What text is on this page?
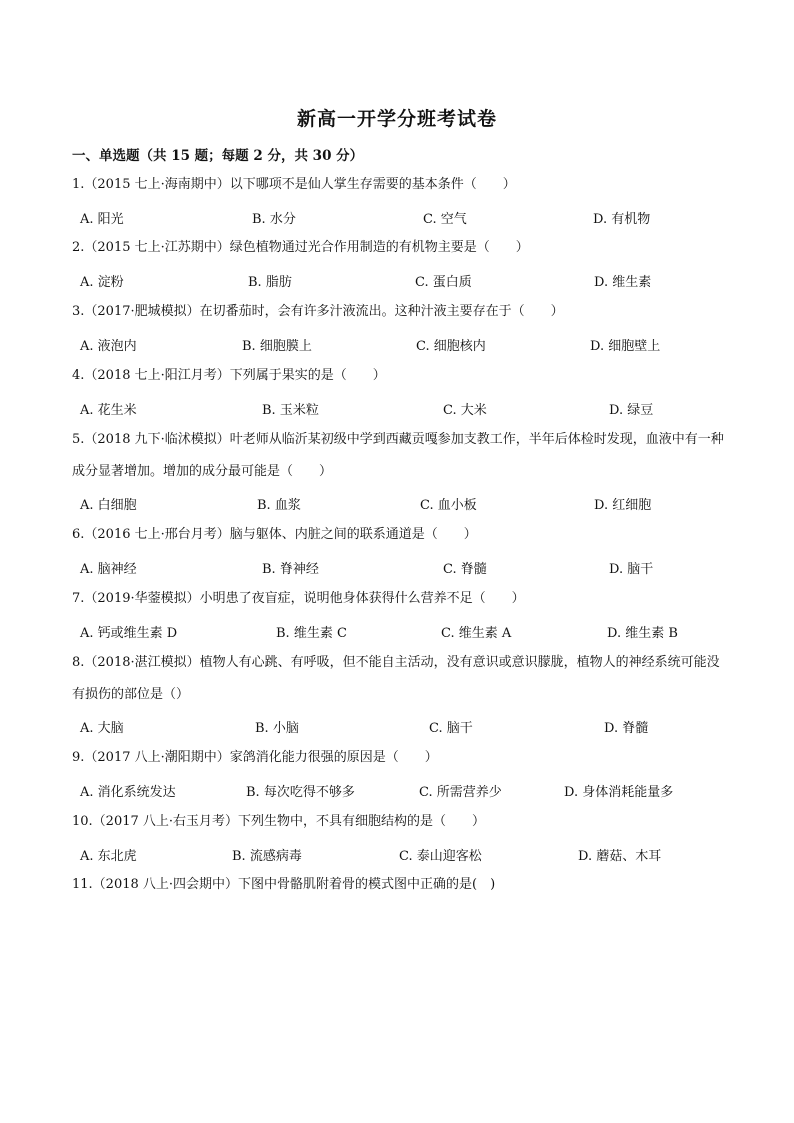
新高一开学分班考试卷
一、单选题（共 15 题；每题 2 分，共 30 分）
1.（2015 七上·海南期中）以下哪项不是仙人掌生存需要的基本条件（　　）
A. 阳光	B. 水分	C. 空气	D. 有机物
2.（2015 七上·江苏期中）绿色植物通过光合作用制造的有机物主要是（　　）
A. 淀粉	B. 脂肪	C. 蛋白质	D. 维生素
3.（2017·肥城模拟）在切番茄时，会有许多汁液流出。这种汁液主要存在于（　　）
A. 液泡内	B. 细胞膜上	C. 细胞核内	D. 细胞壁上
4.（2018 七上·阳江月考）下列属于果实的是（　　）
A. 花生米	B. 玉米粒	C. 大米	D. 绿豆
5.（2018 九下·临沭模拟）叶老师从临沂某初级中学到西藏贡嘎参加支教工作，半年后体检时发现，血液中有一种成分显著增加。增加的成分最可能是（　　）
A. 白细胞	B. 血浆	C. 血小板	D. 红细胞
6.（2016 七上·邢台月考）脑与躯体、内脏之间的联系通道是（　　）
A. 脑神经	B. 脊神经	C. 脊髓	D. 脑干
7.（2019·华蓥模拟）小明患了夜盲症，说明他身体获得什么营养不足（　　）
A. 钙或维生素 D	B. 维生素 C	C. 维生素 A	D. 维生素 B
8.（2018·湛江模拟）植物人有心跳、有呼吸，但不能自主活动，没有意识或意识朦胧，植物人的神经系统可能没有损伤的部位是（）
A. 大脑	B. 小脑	C. 脑干	D. 脊髓
9.（2017 八上·潮阳期中）家鸽消化能力很强的原因是（　　）
A. 消化系统发达	B. 每次吃得不够多	C. 所需营养少	D. 身体消耗能量多
10.（2017 八上·右玉月考）下列生物中，不具有细胞结构的是（　　）
A. 东北虎	B. 流感病毒	C. 泰山迎客松	D. 蘑菇、木耳
11.（2018 八上·四会期中）下图中骨骼肌附着骨的模式图中正确的是(　)
